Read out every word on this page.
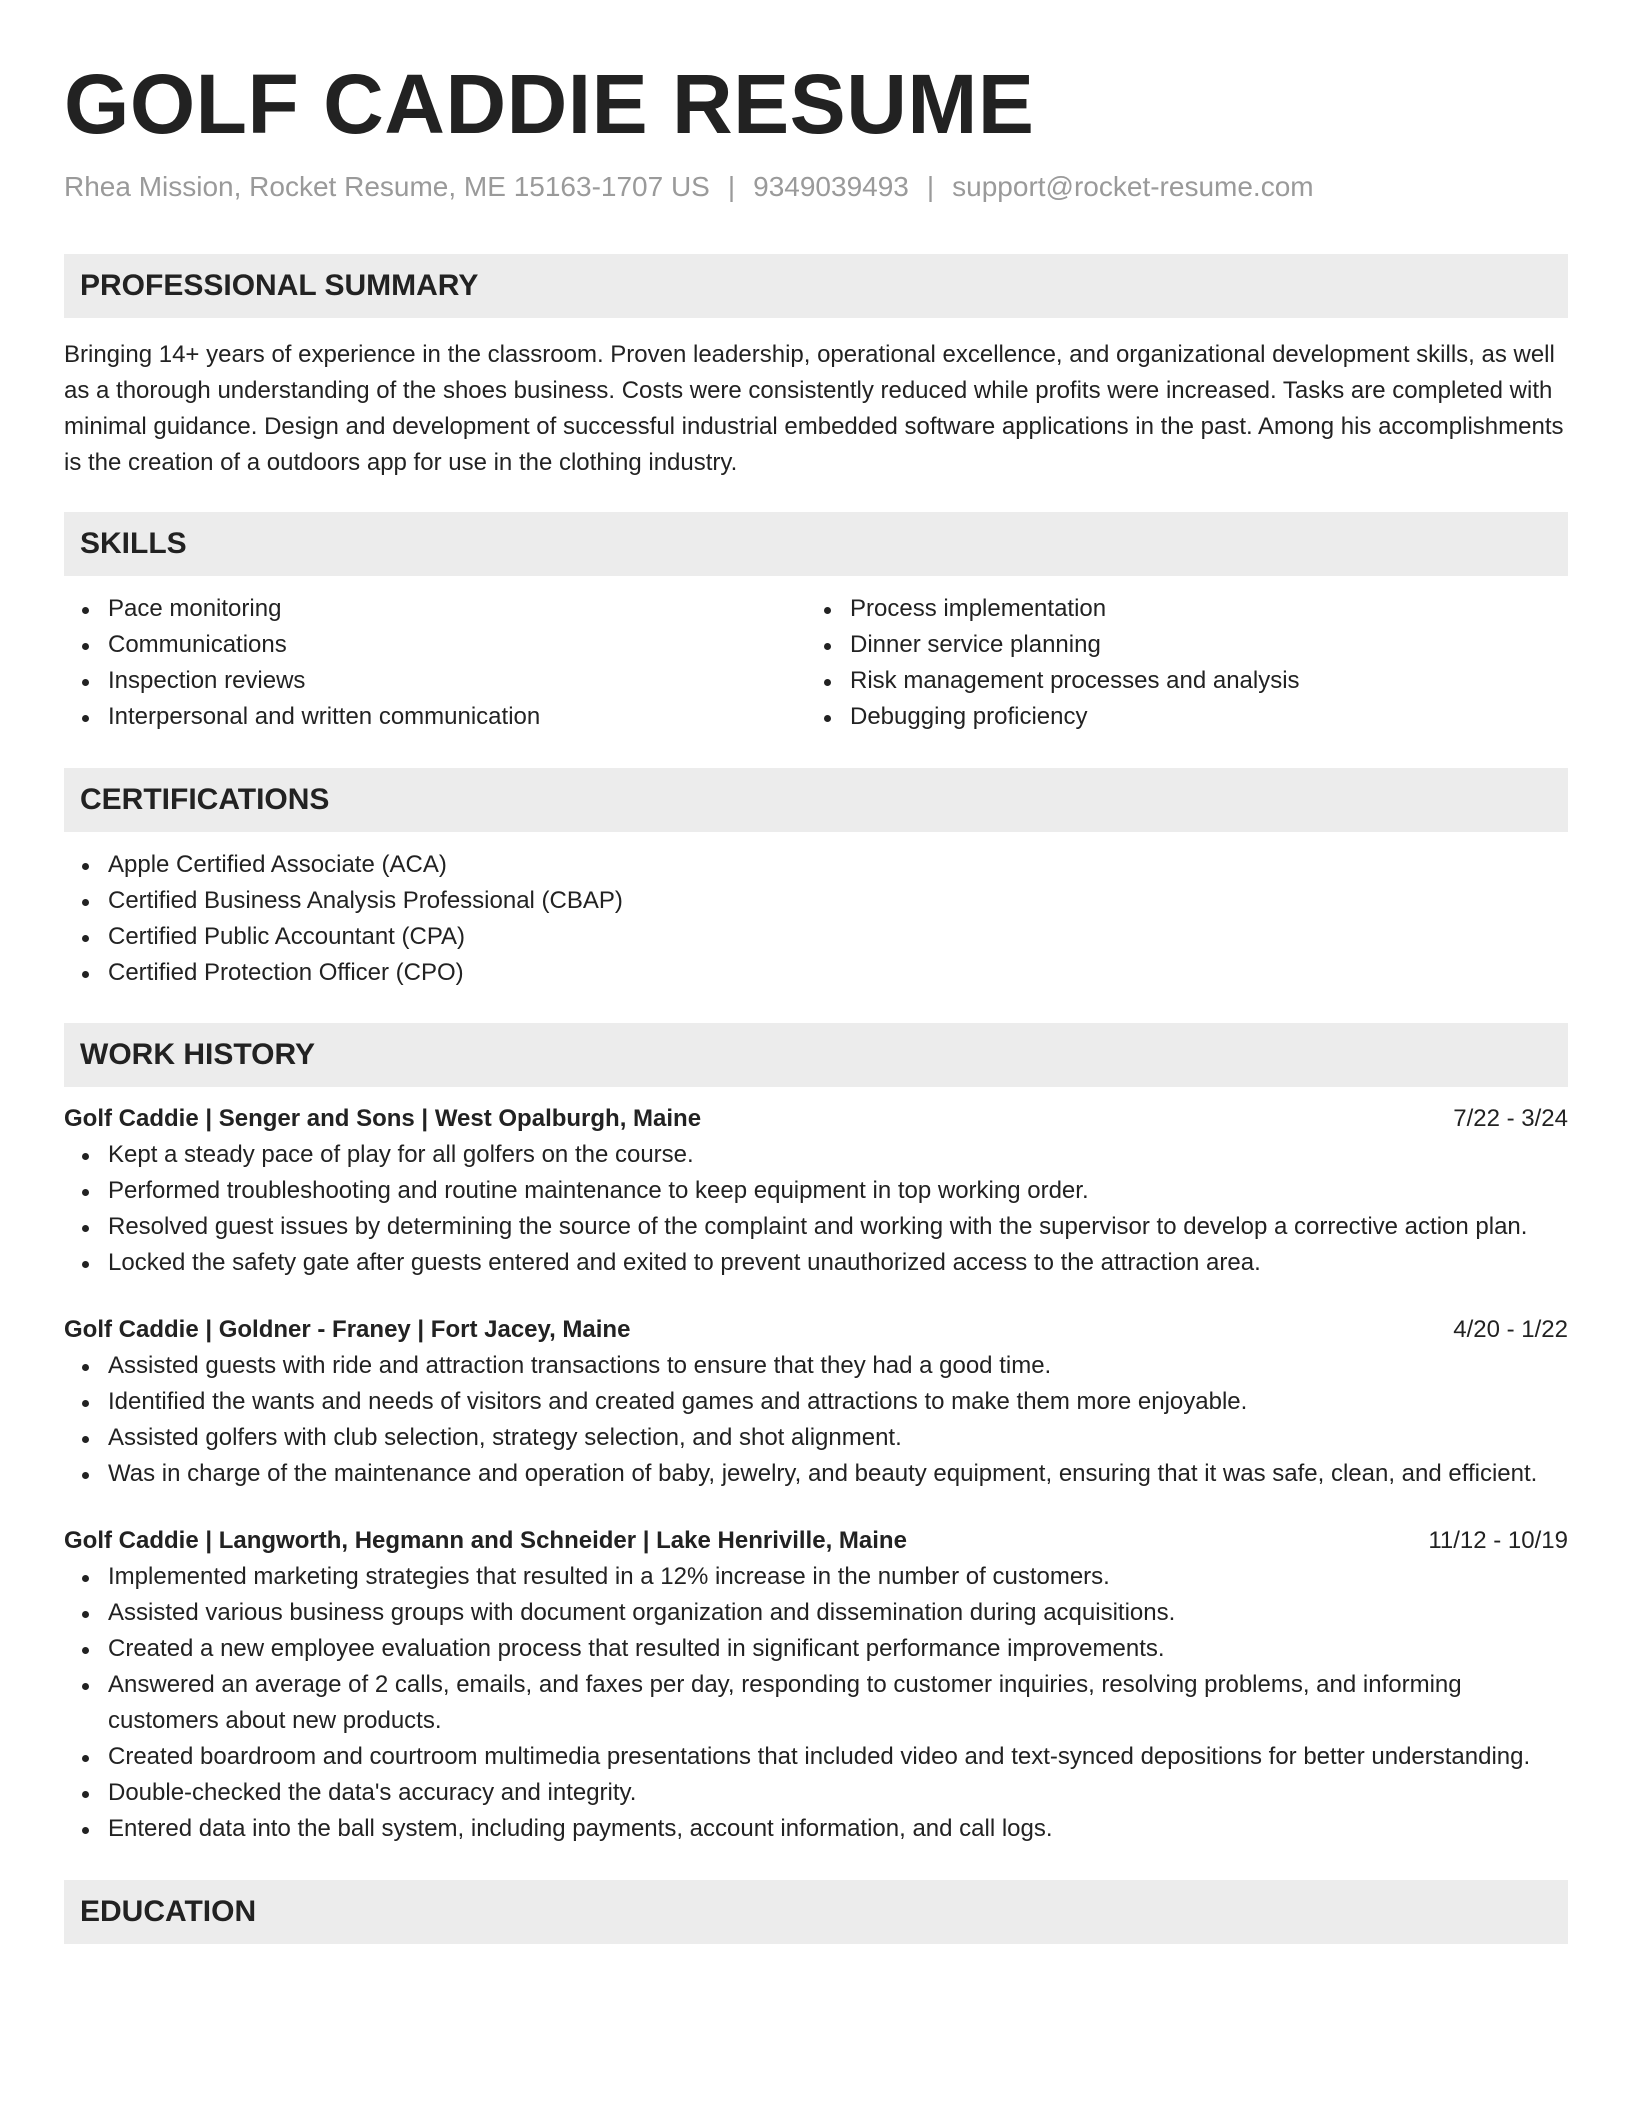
GOLF CADDIE RESUME
Rhea Mission, Rocket Resume, ME 15163-1707 US | 9349039493 | support@rocket-resume.com
PROFESSIONAL SUMMARY
Bringing 14+ years of experience in the classroom. Proven leadership, operational excellence, and organizational development skills, as well as a thorough understanding of the shoes business. Costs were consistently reduced while profits were increased. Tasks are completed with minimal guidance. Design and development of successful industrial embedded software applications in the past. Among his accomplishments is the creation of a outdoors app for use in the clothing industry.
SKILLS
Pace monitoring
Communications
Inspection reviews
Interpersonal and written communication
Process implementation
Dinner service planning
Risk management processes and analysis
Debugging proficiency
CERTIFICATIONS
Apple Certified Associate (ACA)
Certified Business Analysis Professional (CBAP)
Certified Public Accountant (CPA)
Certified Protection Officer (CPO)
WORK HISTORY
Golf Caddie | Senger and Sons | West Opalburgh, Maine	7/22 - 3/24
Kept a steady pace of play for all golfers on the course.
Performed troubleshooting and routine maintenance to keep equipment in top working order.
Resolved guest issues by determining the source of the complaint and working with the supervisor to develop a corrective action plan.
Locked the safety gate after guests entered and exited to prevent unauthorized access to the attraction area.
Golf Caddie | Goldner - Franey | Fort Jacey, Maine	4/20 - 1/22
Assisted guests with ride and attraction transactions to ensure that they had a good time.
Identified the wants and needs of visitors and created games and attractions to make them more enjoyable.
Assisted golfers with club selection, strategy selection, and shot alignment.
Was in charge of the maintenance and operation of baby, jewelry, and beauty equipment, ensuring that it was safe, clean, and efficient.
Golf Caddie | Langworth, Hegmann and Schneider | Lake Henriville, Maine	11/12 - 10/19
Implemented marketing strategies that resulted in a 12% increase in the number of customers.
Assisted various business groups with document organization and dissemination during acquisitions.
Created a new employee evaluation process that resulted in significant performance improvements.
Answered an average of 2 calls, emails, and faxes per day, responding to customer inquiries, resolving problems, and informing customers about new products.
Created boardroom and courtroom multimedia presentations that included video and text-synced depositions for better understanding.
Double-checked the data's accuracy and integrity.
Entered data into the ball system, including payments, account information, and call logs.
EDUCATION
